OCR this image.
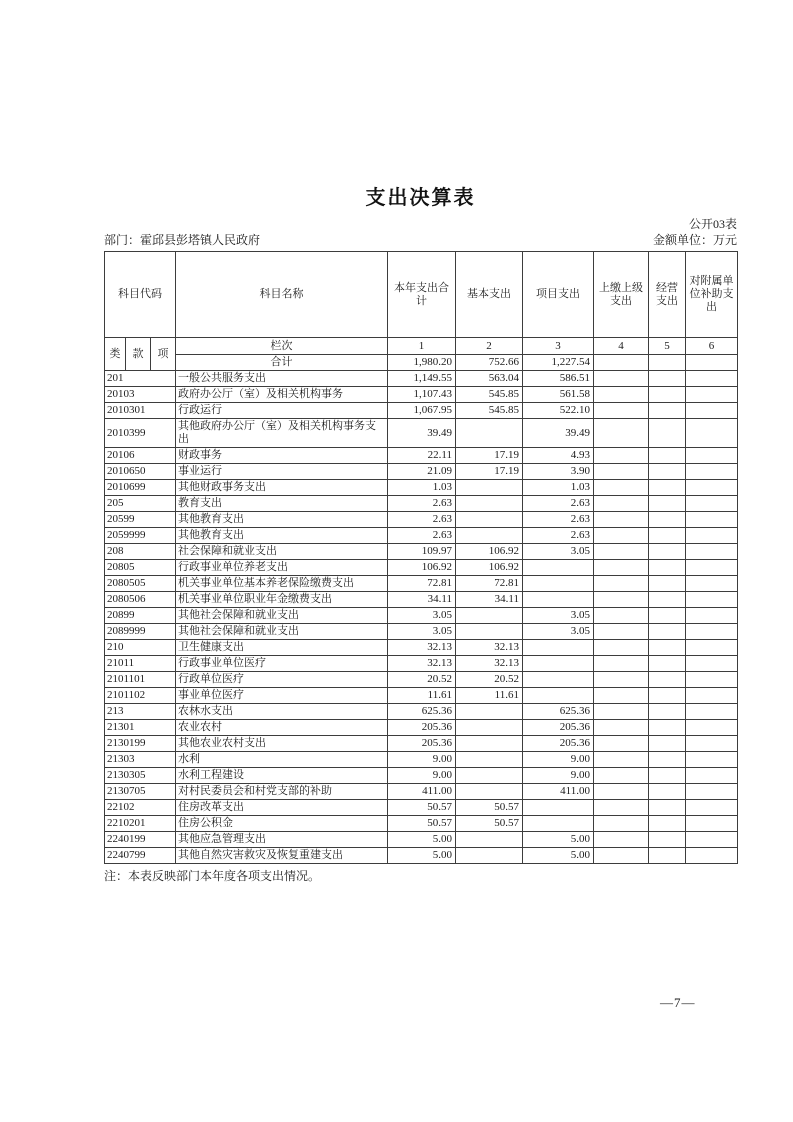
支出决算表
公开03表
部门：霍邱县彭塔镇人民政府	金额单位：万元
科目代码			科目名称	本年支出合计	基本支出	项目支出	上缴上级支出	经营支出	对附属单位补助支出
类	款	项	栏次	1	2	3	4	5	6
			合计	1,980.20	752.66	1,227.54			
201			一般公共服务支出	1,149.55	563.04	586.51			
20103			政府办公厅（室）及相关机构事务	1,107.43	545.85	561.58			
2010301			行政运行	1,067.95	545.85	522.10			
2010399			其他政府办公厅（室）及相关机构事务支出	39.49		39.49			
20106			财政事务	22.11	17.19	4.93			
2010650			事业运行	21.09	17.19	3.90			
2010699			其他财政事务支出	1.03		1.03			
205			教育支出	2.63		2.63			
20599			其他教育支出	2.63		2.63			
2059999			其他教育支出	2.63		2.63			
208			社会保障和就业支出	109.97	106.92	3.05			
20805			行政事业单位养老支出	106.92	106.92				
2080505			机关事业单位基本养老保险缴费支出	72.81	72.81				
2080506			机关事业单位职业年金缴费支出	34.11	34.11				
20899			其他社会保障和就业支出	3.05		3.05			
2089999			其他社会保障和就业支出	3.05		3.05			
210			卫生健康支出	32.13	32.13				
21011			行政事业单位医疗	32.13	32.13				
2101101			行政单位医疗	20.52	20.52				
2101102			事业单位医疗	11.61	11.61				
213			农林水支出	625.36		625.36			
21301			农业农村	205.36		205.36			
2130199			其他农业农村支出	205.36		205.36			
21303			水利	9.00		9.00			
2130305			水利工程建设	9.00		9.00			
2130705			对村民委员会和村党支部的补助	411.00		411.00			
22102			住房改革支出	50.57	50.57				
2210201			住房公积金	50.57	50.57				
2240199			其他应急管理支出	5.00		5.00			
2240799			其他自然灾害救灾及恢复重建支出	5.00		5.00			
注：本表反映部门本年度各项支出情况。
—7—
